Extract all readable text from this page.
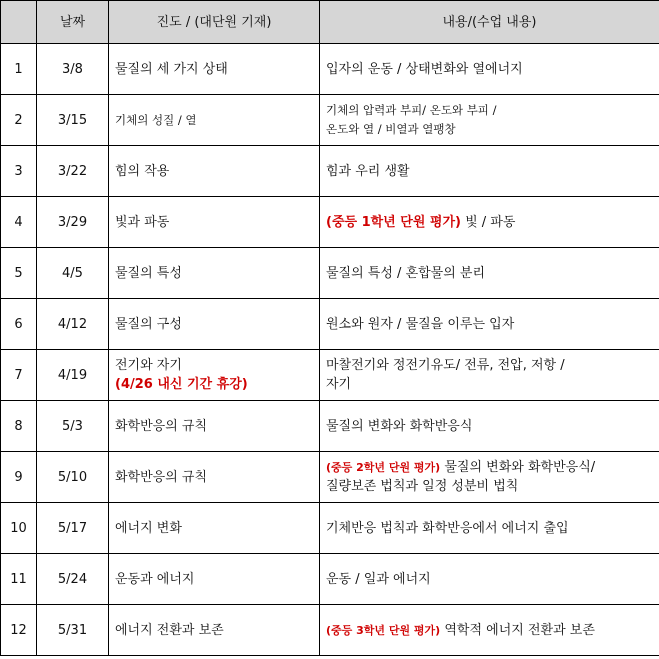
	날짜	진도 / (대단원 기재)	내용/(수업 내용)
1	3/8	물질의 세 가지 상태	입자의 운동 / 상태변화와 열에너지

2	3/15	기체의 성질 / 열	기체의 압력과 부피/ 온도와 부피 /
온도와 열 / 비열과 열팽창

3	3/22	힘의 작용	힘과 우리 생활

4	3/29	빛과 파동	(중등 1학년 단원 평가) 빛 / 파동

5	4/5	물질의 특성	물질의 특성 / 혼합물의 분리

6	4/12	물질의 구성	원소와 원자 / 물질을 이루는 입자

7	4/19	전기와 자기
(4/26 내신 기간 휴강)	마찰전기와 정전기유도/ 전류, 전압, 저항 /
자기

8	5/3	화학반응의 규칙	물질의 변화와 화학반응식

9	5/10	화학반응의 규칙	(중등 2학년 단원 평가) 물질의 변화와 화학반응식/
질량보존 법칙과 일정 성분비 법칙

10	5/17	에너지 변화	기체반응 법칙과 화학반응에서 에너지 출입

11	5/24	운동과 에너지	운동 / 일과 에너지

12	5/31	에너지 전환과 보존	(중등 3학년 단원 평가) 역학적 에너지 전환과 보존
